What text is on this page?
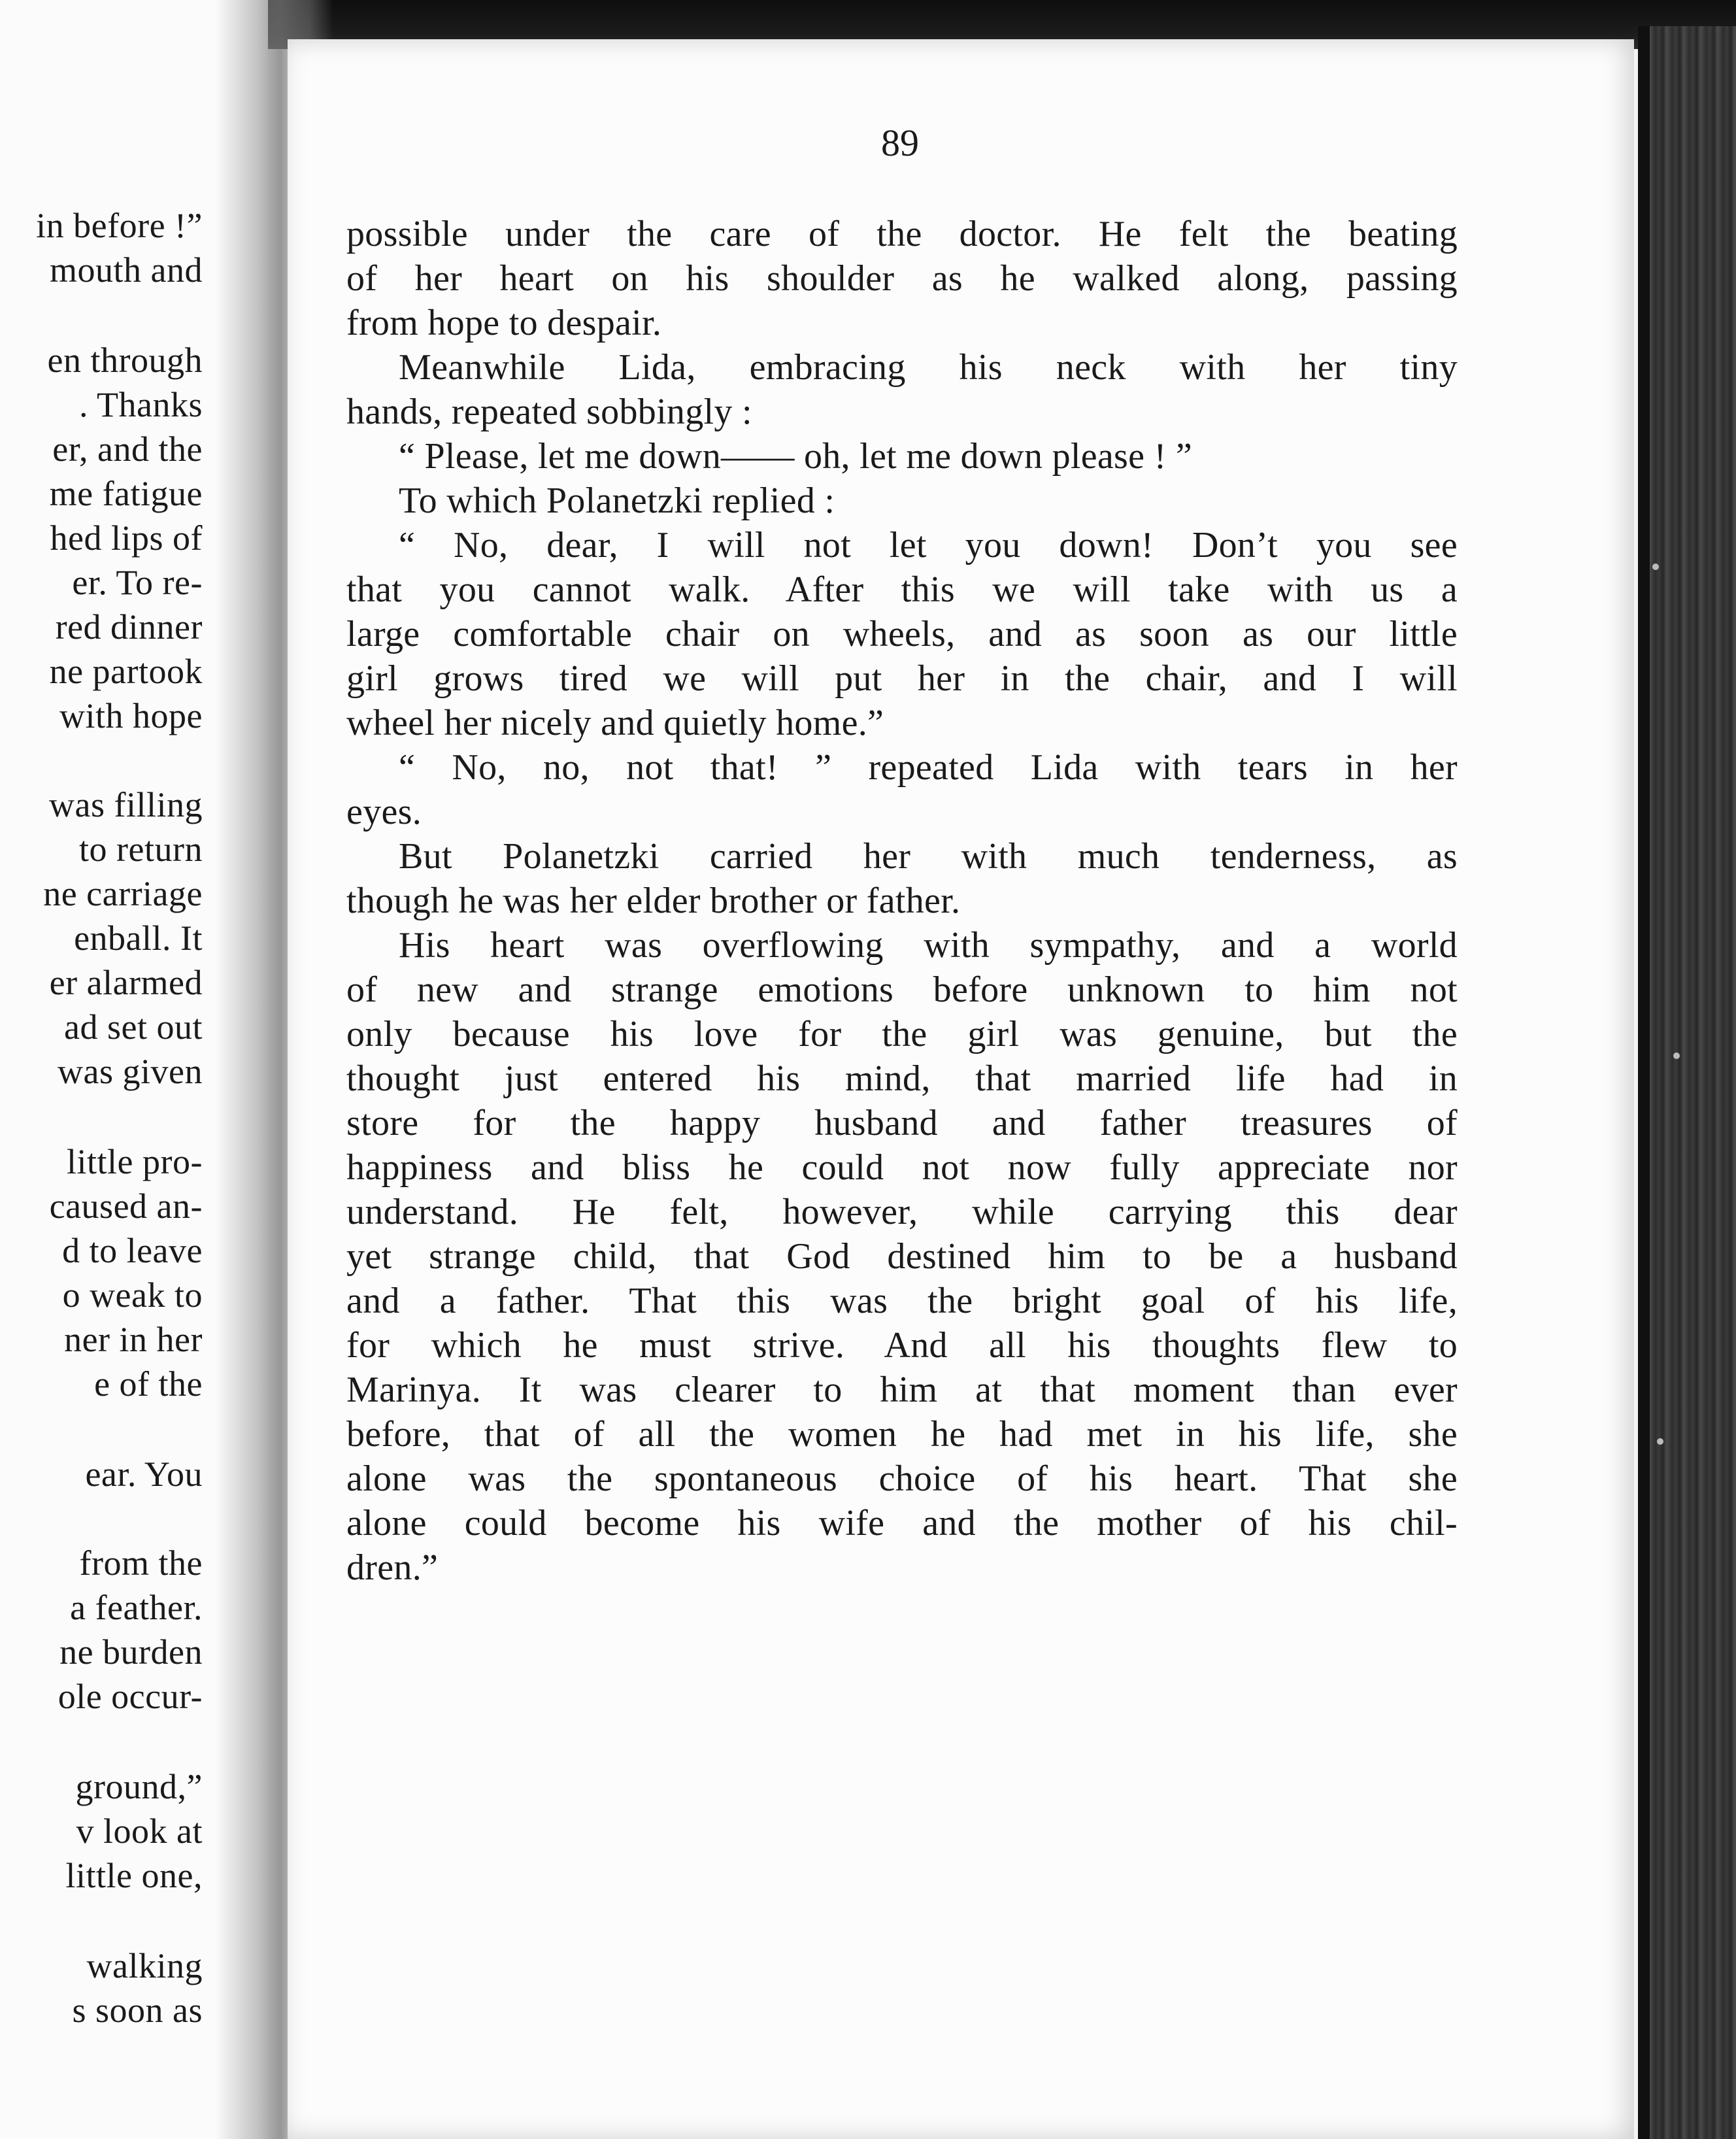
in before !”
mouth and
en through
. Thanks
er, and the
me fatigue
hed lips of
er. To re-
red dinner
ne partook
with hope
was filling
to return
ne carriage
enball. It
er alarmed
ad set out
was given
little pro-
caused an-
d to leave
o weak to
ner in her
e of the
ear. You
from the
a feather.
ne burden
ole occur-
ground,”
v look at
little one,
walking
s soon as
89
possible under the care of the doctor. He felt the beating
of her heart on his shoulder as he walked along, passing
from hope to despair.
Meanwhile Lida, embracing his neck with her tiny
hands, repeated sobbingly :
“ Please, let me down—— oh, let me down please ! ”
To which Polanetzki replied :
“ No, dear, I will not let you down! Don’t you see
that you cannot walk. After this we will take with us a
large comfortable chair on wheels, and as soon as our little
girl grows tired we will put her in the chair, and I will
wheel her nicely and quietly home.”
“ No, no, not that! ” repeated Lida with tears in her
eyes.
But Polanetzki carried her with much tenderness, as
though he was her elder brother or father.
His heart was overflowing with sympathy, and a world
of new and strange emotions before unknown to him not
only because his love for the girl was genuine, but the
thought just entered his mind, that married life had in
store for the happy husband and father treasures of
happiness and bliss he could not now fully appreciate nor
understand. He felt, however, while carrying this dear
yet strange child, that God destined him to be a husband
and a father. That this was the bright goal of his life,
for which he must strive. And all his thoughts flew to
Marinya. It was clearer to him at that moment than ever
before, that of all the women he had met in his life, she
alone was the spontaneous choice of his heart. That she
alone could become his wife and the mother of his chil-
dren.”
